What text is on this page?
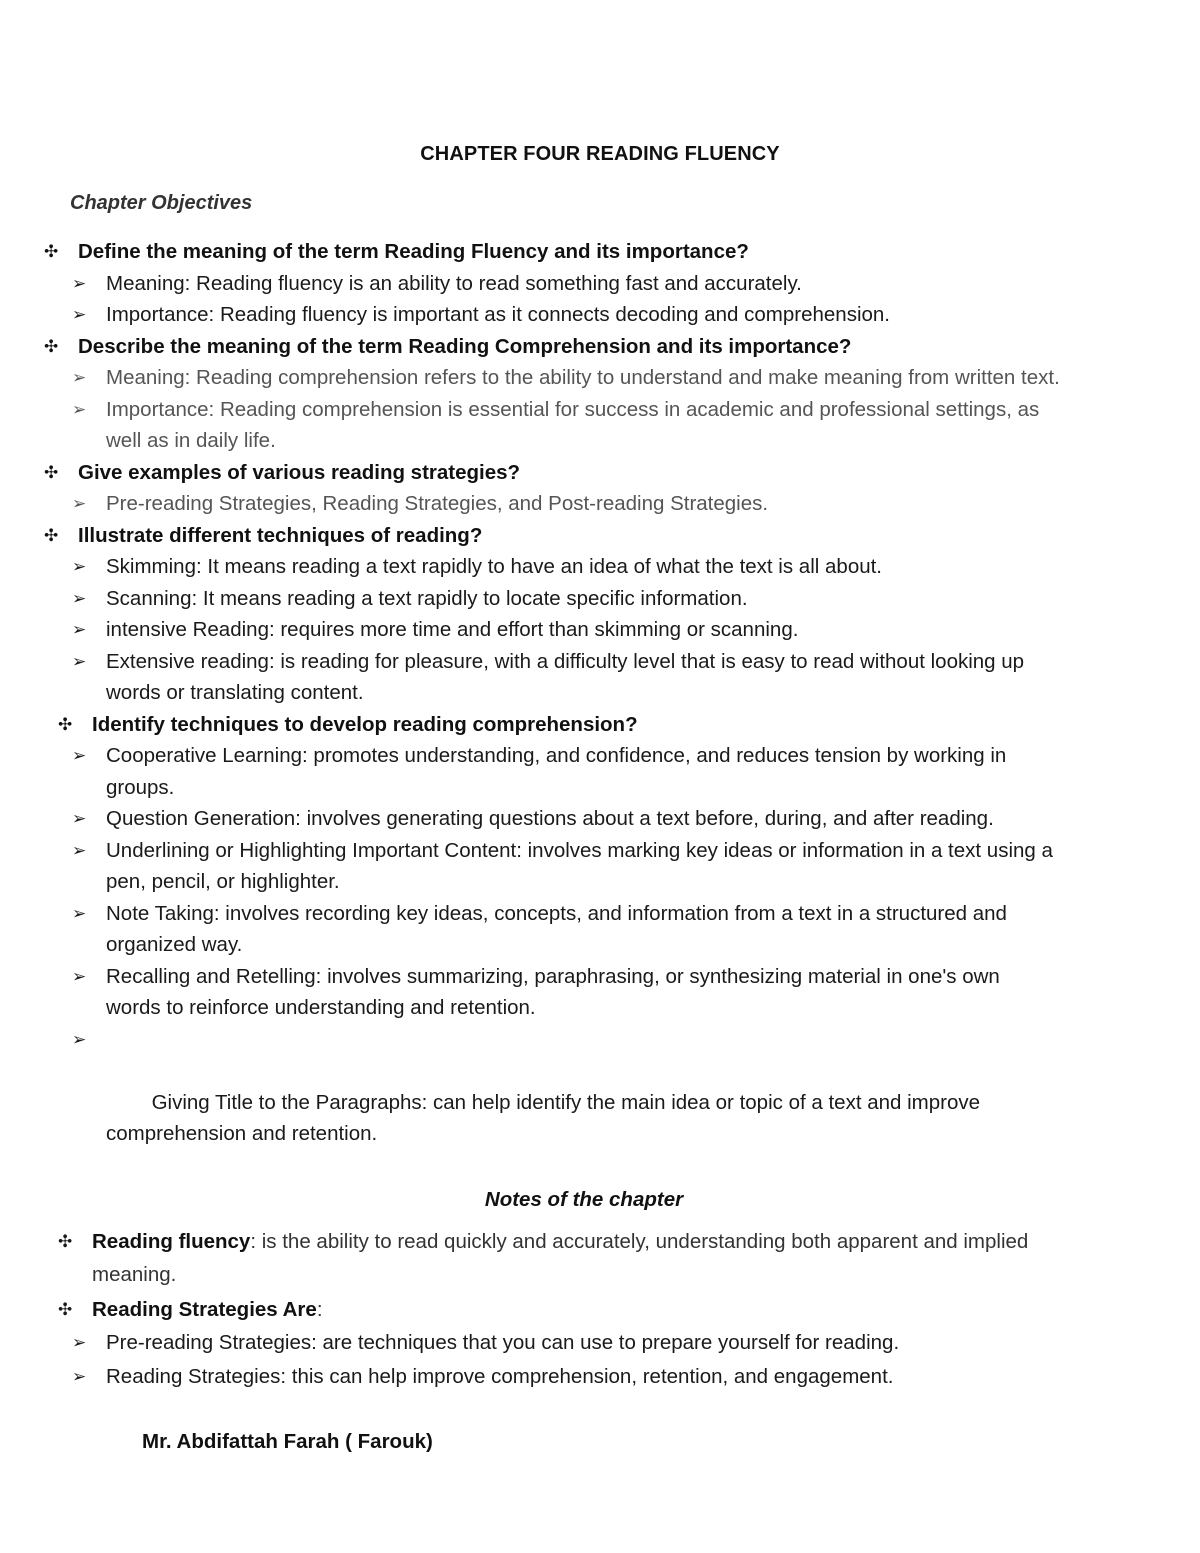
CHAPTER FOUR READING FLUENCY
Chapter Objectives
✣ Define the meaning of the term Reading Fluency and its importance?
➢ Meaning: Reading fluency is an ability to read something fast and accurately.
➢ Importance: Reading fluency is important as it connects decoding and comprehension.
✣ Describe the meaning of the term Reading Comprehension and its importance?
➢ Meaning: Reading comprehension refers to the ability to understand and make meaning from written text.
➢ Importance: Reading comprehension is essential for success in academic and professional settings, as well as in daily life.
✣ Give examples of various reading strategies?
➢ Pre-reading Strategies, Reading Strategies, and Post-reading Strategies.
✣ Illustrate different techniques of reading?
➢ Skimming: It means reading a text rapidly to have an idea of what the text is all about.
➢ Scanning: It means reading a text rapidly to locate specific information.
➢ intensive Reading: requires more time and effort than skimming or scanning.
➢ Extensive reading: is reading for pleasure, with a difficulty level that is easy to read without looking up words or translating content.
✣ Identify techniques to develop reading comprehension?
➢ Cooperative Learning: promotes understanding, and confidence, and reduces tension by working in groups.
➢ Question Generation: involves generating questions about a text before, during, and after reading.
➢ Underlining or Highlighting Important Content: involves marking key ideas or information in a text using a pen, pencil, or highlighter.
➢ Note Taking: involves recording key ideas, concepts, and information from a text in a structured and organized way.
➢ Recalling and Retelling: involves summarizing, paraphrasing, or synthesizing material in one's own words to reinforce understanding and retention.

➢

Giving Title to the Paragraphs: can help identify the main idea or topic of a text and improve comprehension and retention.

Notes of the chapter
✣ Reading fluency: is the ability to read quickly and accurately, understanding both apparent and implied meaning.
✣ Reading Strategies Are:
➢ Pre-reading Strategies: are techniques that you can use to prepare yourself for reading.
➢ Reading Strategies: this can help improve comprehension, retention, and engagement.
Mr. Abdifattah Farah ( Farouk)
